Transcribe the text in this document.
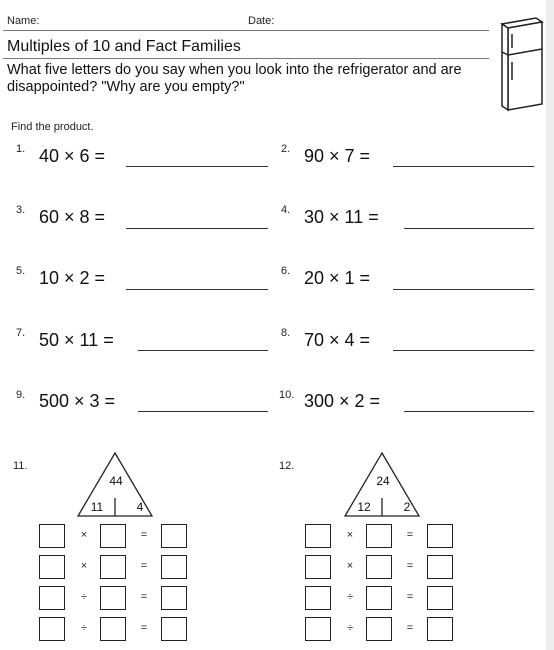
Name:	Date:
Multiples of 10 and Fact Families
What five letters do you say when you look into the refrigerator and are disappointed? "Why are you empty?"
Find the product.
1. 40 × 6 =	2. 90 × 7 =
3. 60 × 8 =	4. 30 × 11 =
5. 10 × 2 =	6. 20 × 1 =
7. 50 × 11 =	8. 70 × 4 =
9. 500 × 3 =	10. 300 × 2 =
11.
44
11	4
×	=
×	=
÷	=
÷	=
12.
24
12	2
×	=
×	=
÷	=
÷	=
